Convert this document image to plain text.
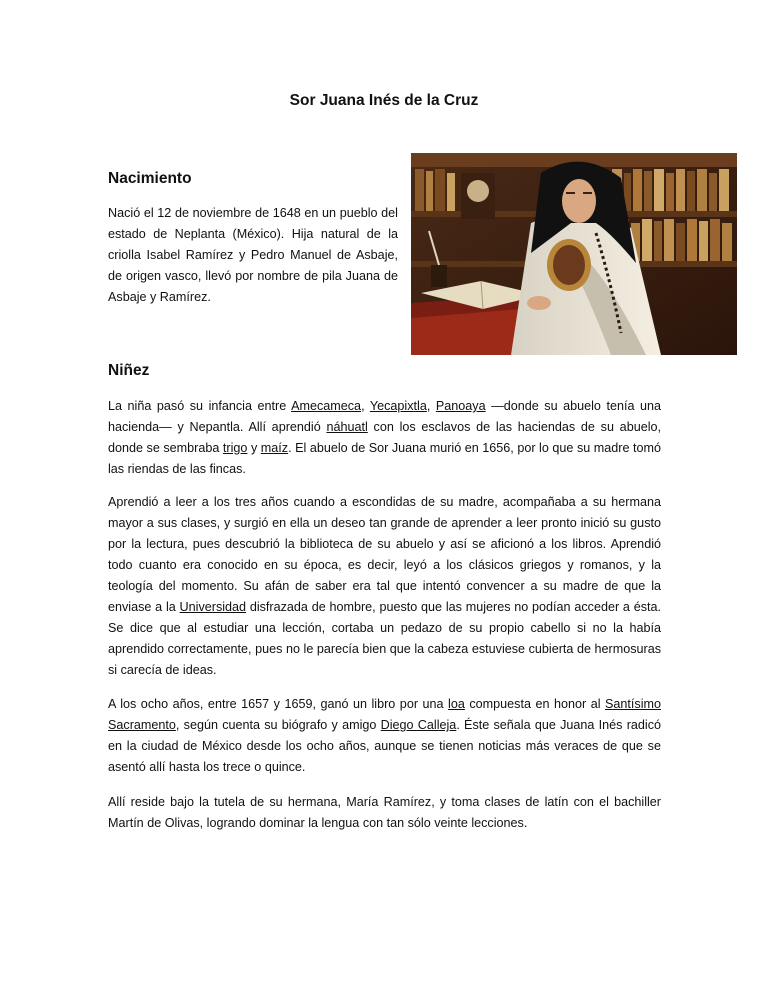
Sor Juana Inés de la Cruz
Nacimiento

Nació el 12 de noviembre de 1648 en un pueblo del estado de Neplanta (México). Hija natural de la criolla Isabel Ramírez y Pedro Manuel de Asbaje, de origen vasco, llevó por nombre de pila Juana de Asbaje y Ramírez.

Niñez

La niña pasó su infancia entre Amecameca, Yecapixtla, Panoaya —donde su abuelo tenía una hacienda— y Nepantla. Allí aprendió náhuatl con los esclavos de las haciendas de su abuelo, donde se sembraba trigo y maíz. El abuelo de Sor Juana murió en 1656, por lo que su madre tomó las riendas de las fincas.

Aprendió a leer a los tres años cuando a escondidas de su madre, acompañaba a su hermana mayor a sus clases, y surgió en ella un deseo tan grande de aprender a leer pronto inició su gusto por la lectura, pues descubrió la biblioteca de su abuelo y así se aficionó a los libros. Aprendió todo cuanto era conocido en su época, es decir, leyó a los clásicos griegos y romanos, y la teología del momento. Su afán de saber era tal que intentó convencer a su madre de que la enviase a la Universidad disfrazada de hombre, puesto que las mujeres no podían acceder a ésta. Se dice que al estudiar una lección, cortaba un pedazo de su propio cabello si no la había aprendido correctamente, pues no le parecía bien que la cabeza estuviese cubierta de hermosuras si carecía de ideas.

A los ocho años, entre 1657 y 1659, ganó un libro por una loa compuesta en honor al Santísimo Sacramento, según cuenta su biógrafo y amigo Diego Calleja. Éste señala que Juana Inés radicó en la ciudad de México desde los ocho años, aunque se tienen noticias más veraces de que se asentó allí hasta los trece o quince.

Allí reside bajo la tutela de su hermana, María Ramírez, y toma clases de latín con el bachiller Martín de Olivas, logrando dominar la lengua con tan sólo veinte lecciones.
